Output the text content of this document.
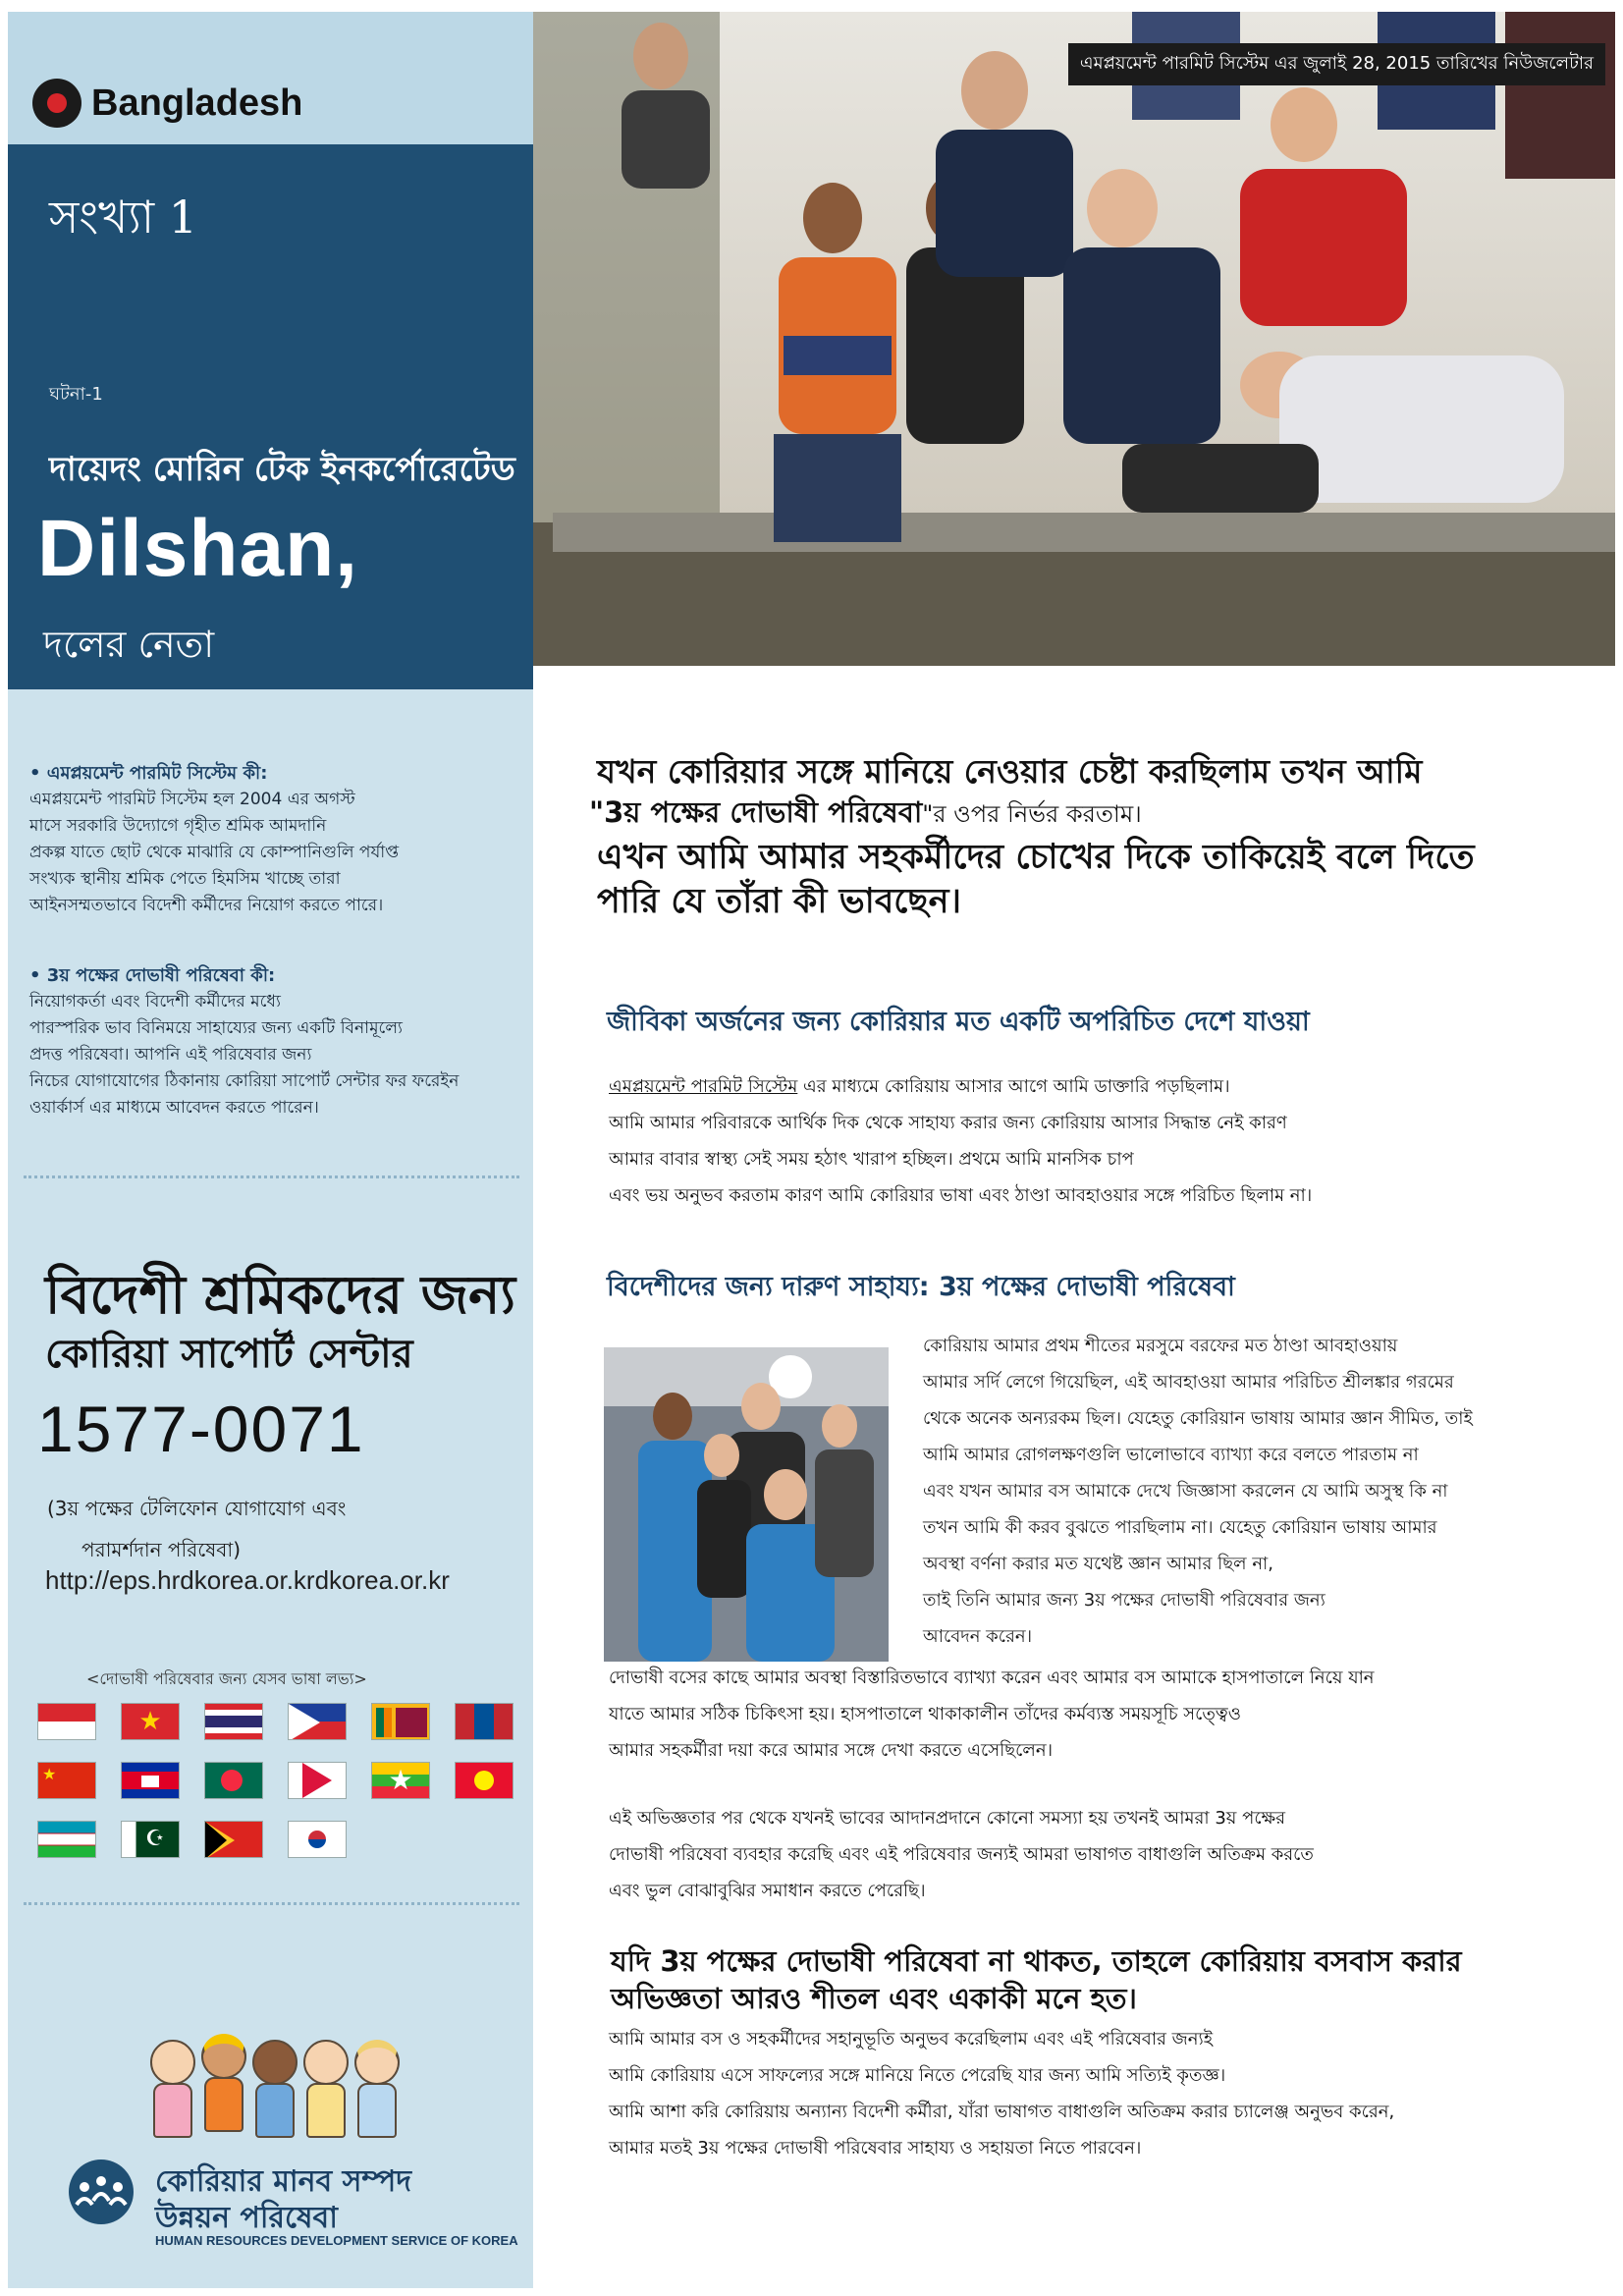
Bangladesh
সংখ্যা 1
ঘটনা-1
দায়েদং মোরিন টেক ইনকর্পোরেটেড
Dilshan,
দলের নেতা
• এমপ্লয়মেন্ট পারমিট সিস্টেম কী:
এমপ্লয়মেন্ট পারমিট সিস্টেম হল 2004 এর অগস্ট
মাসে সরকারি উদ্যোগে গৃহীত শ্রমিক আমদানি
প্রকল্প যাতে ছোট থেকে মাঝারি যে কোম্পানিগুলি পর্যাপ্ত
সংখ্যক স্থানীয় শ্রমিক পেতে হিমসিম খাচ্ছে তারা
আইনসম্মতভাবে বিদেশী কর্মীদের নিয়োগ করতে পারে।
• 3য় পক্ষের দোভাষী পরিষেবা কী:
নিয়োগকর্তা এবং বিদেশী কর্মীদের মধ্যে
পারস্পরিক ভাব বিনিময়ে সাহায্যের জন্য একটি বিনামূল্যে
প্রদত্ত পরিষেবা। আপনি এই পরিষেবার জন্য
নিচের যোগাযোগের ঠিকানায় কোরিয়া সাপোর্ট সেন্টার ফর ফরেইন
ওয়ার্কার্স এর মাধ্যমে আবেদন করতে পারেন।
বিদেশী শ্রমিকদের জন্য
কোরিয়া সাপোর্ট সেন্টার
1577-0071
(3য় পক্ষের টেলিফোন যোগাযোগ এবং
পরামর্শদান পরিষেবা)
http://eps.hrdkorea.or.krdkorea.or.kr
<দোভাষী পরিষেবার জন্য যেসব ভাষা লভ্য>
★
★	★
☪
কোরিয়ার মানব সম্পদ
উন্নয়ন পরিষেবা
HUMAN RESOURCES DEVELOPMENT SERVICE OF KOREA
এমপ্লয়মেন্ট পারমিট সিস্টেম এর জুলাই 28, 2015 তারিখের নিউজলেটার
যখন কোরিয়ার সঙ্গে মানিয়ে নেওয়ার চেষ্টা করছিলাম তখন আমি
"3য় পক্ষের দোভাষী পরিষেবা"র ওপর নির্ভর করতাম।
এখন আমি আমার সহকর্মীদের চোখের দিকে তাকিয়েই বলে দিতে
পারি যে তাঁরা কী ভাবছেন।
জীবিকা অর্জনের জন্য কোরিয়ার মত একটি অপরিচিত দেশে যাওয়া
এমপ্লয়মেন্ট পারমিট সিস্টেম এর মাধ্যমে কোরিয়ায় আসার আগে আমি ডাক্তারি পড়ছিলাম।
আমি আমার পরিবারকে আর্থিক দিক থেকে সাহায্য করার জন্য কোরিয়ায় আসার সিদ্ধান্ত নেই কারণ
আমার বাবার স্বাস্থ্য সেই সময় হঠাৎ খারাপ হচ্ছিল। প্রথমে আমি মানসিক চাপ
এবং ভয় অনুভব করতাম কারণ আমি কোরিয়ার ভাষা এবং ঠাণ্ডা আবহাওয়ার সঙ্গে পরিচিত ছিলাম না।
বিদেশীদের জন্য দারুণ সাহায্য: 3য় পক্ষের দোভাষী পরিষেবা
কোরিয়ায় আমার প্রথম শীতের মরসুমে বরফের মত ঠাণ্ডা আবহাওয়ায়
আমার সর্দি লেগে গিয়েছিল, এই আবহাওয়া আমার পরিচিত শ্রীলঙ্কার গরমের
থেকে অনেক অন্যরকম ছিল। যেহেতু কোরিয়ান ভাষায় আমার জ্ঞান সীমিত, তাই
আমি আমার রোগলক্ষণগুলি ভালোভাবে ব্যাখ্যা করে বলতে পারতাম না
এবং যখন আমার বস আমাকে দেখে জিজ্ঞাসা করলেন যে আমি অসুস্থ কি না
তখন আমি কী করব বুঝতে পারছিলাম না। যেহেতু কোরিয়ান ভাষায় আমার
অবস্থা বর্ণনা করার মত যথেষ্ট জ্ঞান আমার ছিল না,
তাই তিনি আমার জন্য 3য় পক্ষের দোভাষী পরিষেবার জন্য
আবেদন করেন।
দোভাষী বসের কাছে আমার অবস্থা বিস্তারিতভাবে ব্যাখ্যা করেন এবং আমার বস আমাকে হাসপাতালে নিয়ে যান
যাতে আমার সঠিক চিকিৎসা হয়। হাসপাতালে থাকাকালীন তাঁদের কর্মব্যস্ত সময়সূচি সত্ত্বেও
আমার সহকর্মীরা দয়া করে আমার সঙ্গে দেখা করতে এসেছিলেন।
এই অভিজ্ঞতার পর থেকে যখনই ভাবের আদানপ্রদানে কোনো সমস্যা হয় তখনই আমরা 3য় পক্ষের
দোভাষী পরিষেবা ব্যবহার করেছি এবং এই পরিষেবার জন্যই আমরা ভাষাগত বাধাগুলি অতিক্রম করতে
এবং ভুল বোঝাবুঝির সমাধান করতে পেরেছি।
যদি 3য় পক্ষের দোভাষী পরিষেবা না থাকত, তাহলে কোরিয়ায় বসবাস করার
অভিজ্ঞতা আরও শীতল এবং একাকী মনে হত।
আমি আমার বস ও সহকর্মীদের সহানুভূতি অনুভব করেছিলাম এবং এই পরিষেবার জন্যই
আমি কোরিয়ায় এসে সাফল্যের সঙ্গে মানিয়ে নিতে পেরেছি যার জন্য আমি সত্যিই কৃতজ্ঞ।
আমি আশা করি কোরিয়ায় অন্যান্য বিদেশী কর্মীরা, যাঁরা ভাষাগত বাধাগুলি অতিক্রম করার চ্যালেঞ্জ অনুভব করেন,
আমার মতই 3য় পক্ষের দোভাষী পরিষেবার সাহায্য ও সহায়তা নিতে পারবেন।
